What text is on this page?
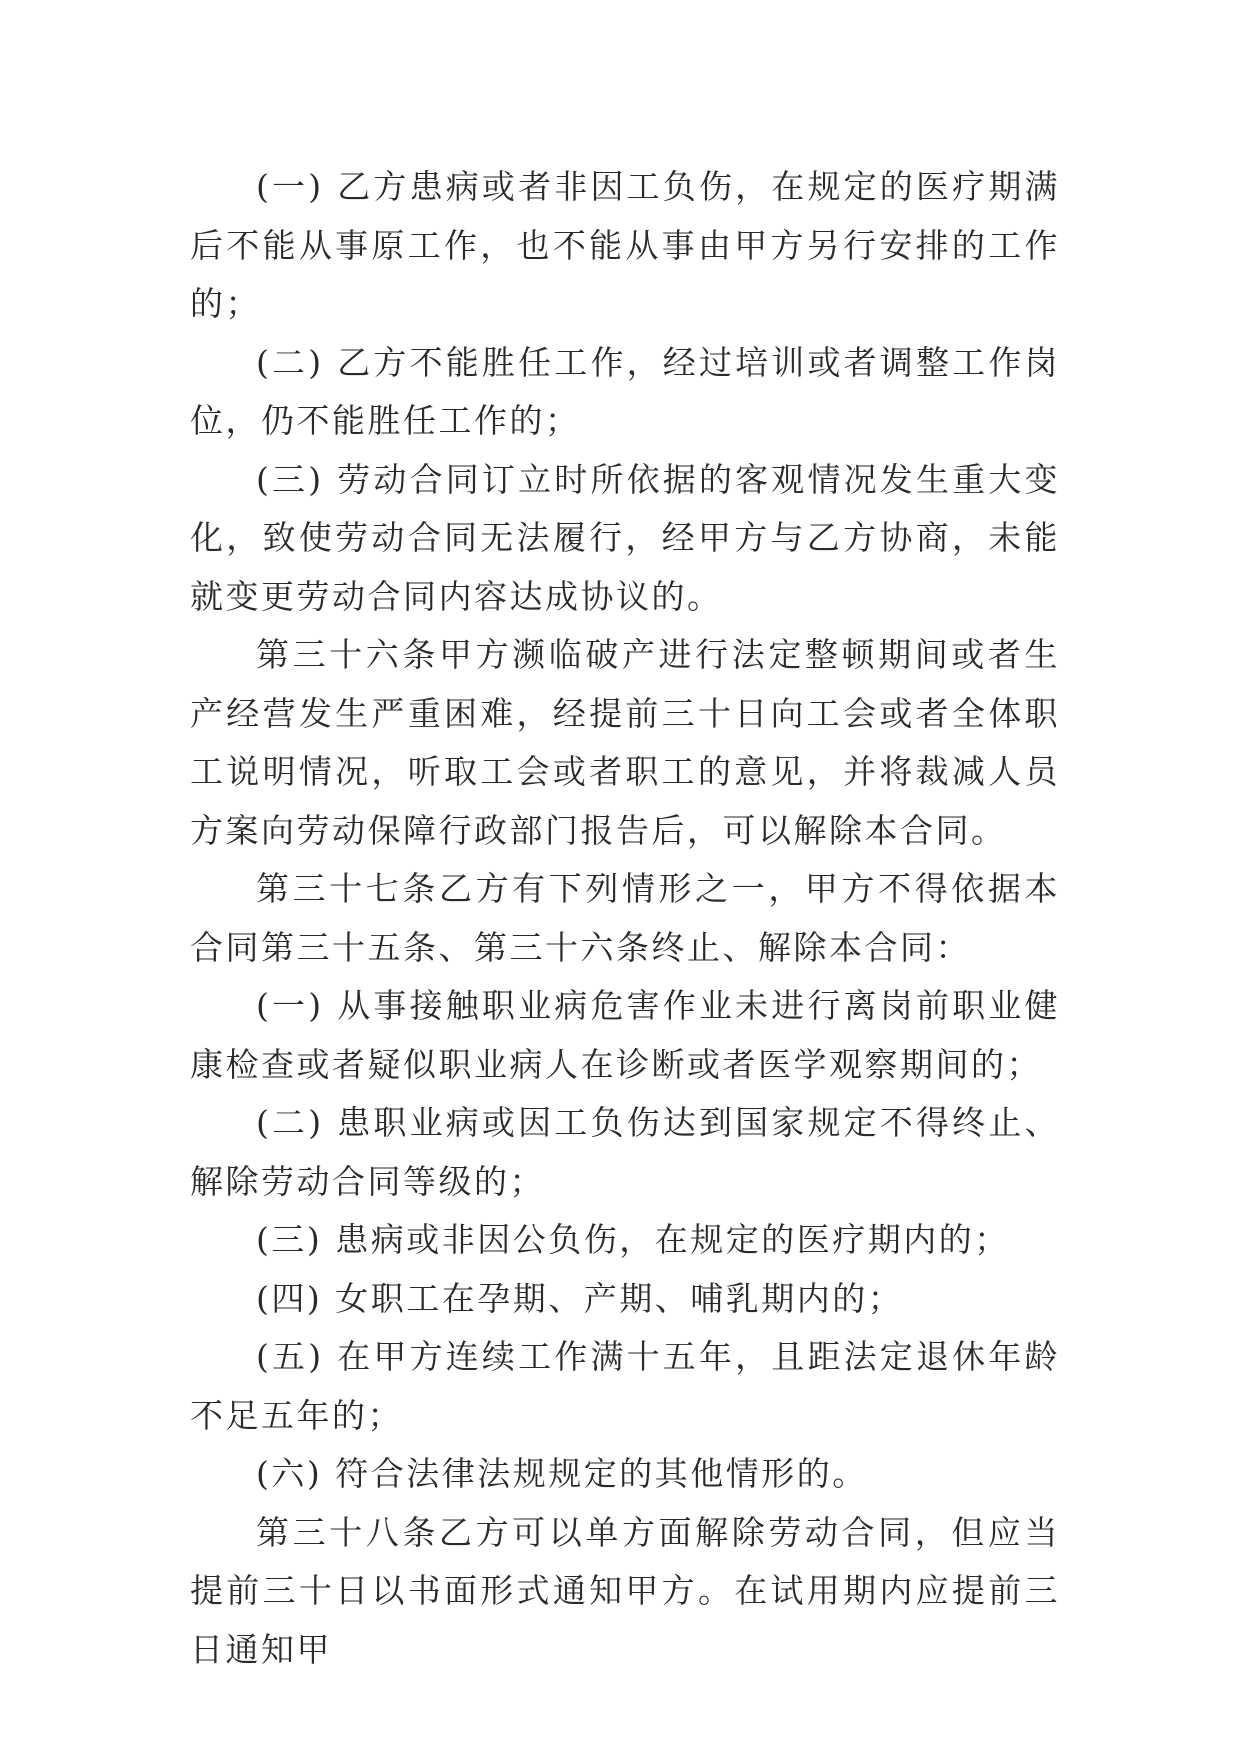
(一) 乙方患病或者非因工负伤，在规定的医疗期满后不能从事原工作，也不能从事由甲方另行安排的工作的；

(二) 乙方不能胜任工作，经过培训或者调整工作岗位，仍不能胜任工作的；

(三) 劳动合同订立时所依据的客观情况发生重大变化，致使劳动合同无法履行，经甲方与乙方协商，未能就变更劳动合同内容达成协议的。

第三十六条甲方濒临破产进行法定整顿期间或者生产经营发生严重困难，经提前三十日向工会或者全体职工说明情况，听取工会或者职工的意见，并将裁减人员方案向劳动保障行政部门报告后，可以解除本合同。

第三十七条乙方有下列情形之一，甲方不得依据本合同第三十五条、第三十六条终止、解除本合同：

(一) 从事接触职业病危害作业未进行离岗前职业健康检查或者疑似职业病人在诊断或者医学观察期间的；

(二) 患职业病或因工负伤达到国家规定不得终止、解除劳动合同等级的；

(三) 患病或非因公负伤，在规定的医疗期内的；

(四) 女职工在孕期、产期、哺乳期内的；

(五) 在甲方连续工作满十五年，且距法定退休年龄不足五年的；

(六) 符合法律法规规定的其他情形的。

第三十八条乙方可以单方面解除劳动合同，但应当提前三十日以书面形式通知甲方。在试用期内应提前三日通知甲
